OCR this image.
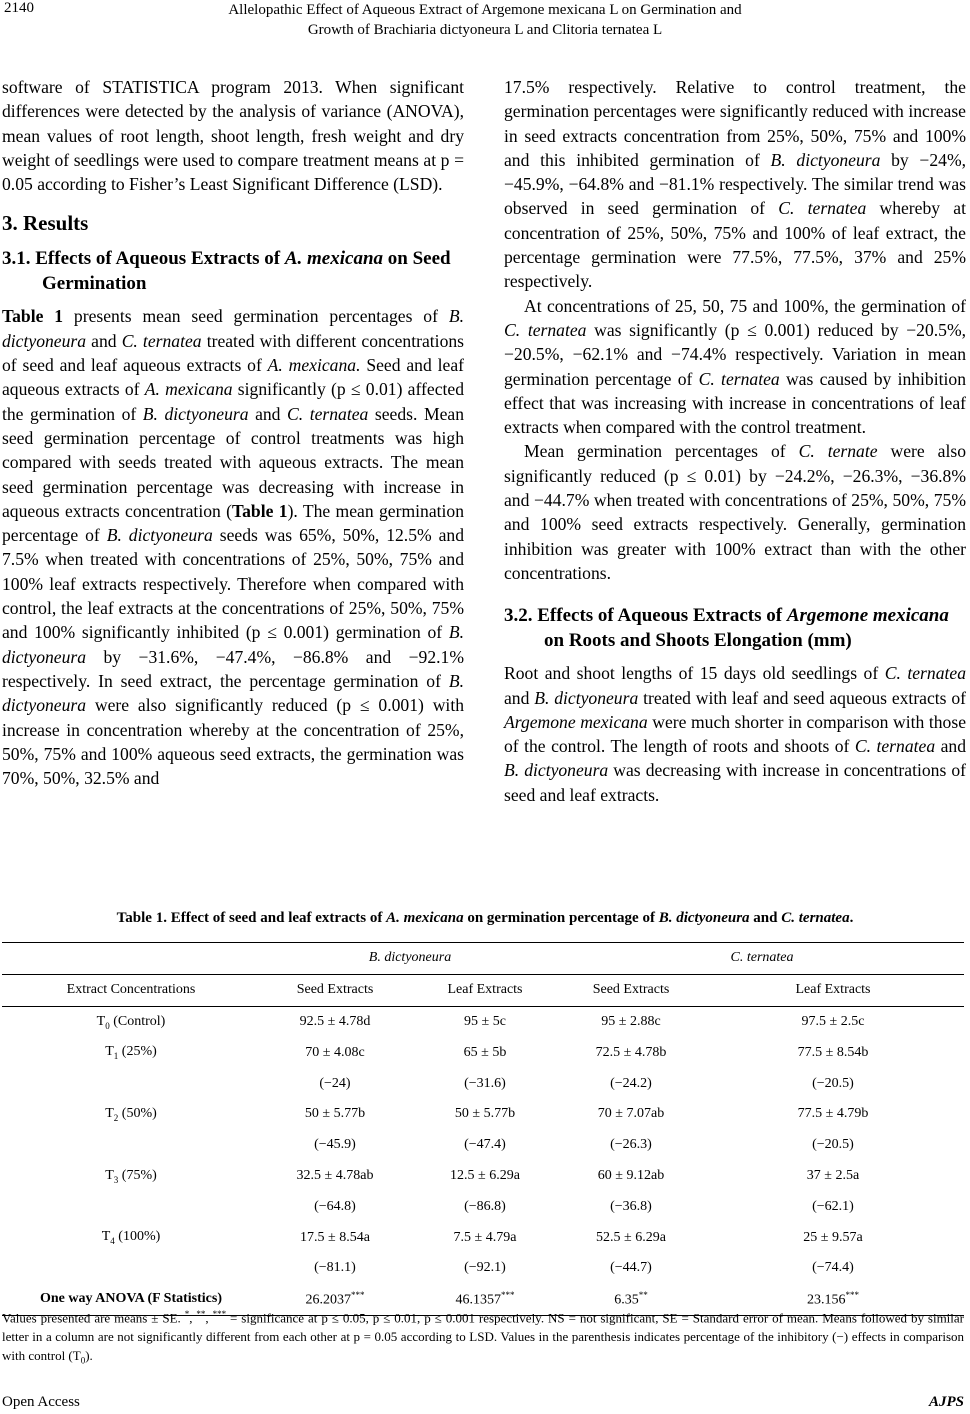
2140	Allelopathic Effect of Aqueous Extract of Argemone mexicana L on Germination and
Growth of Brachiaria dictyoneura L and Clitoria ternatea L

software of STATISTICA program 2013. When significant differences were detected by the analysis of variance (ANOVA), mean values of root length, shoot length, fresh weight and dry weight of seedlings were used to compare treatment means at p = 0.05 according to Fisher’s Least Significant Difference (LSD).

3. Results
3.1. Effects of Aqueous Extracts of A. mexicana on Seed Germination

Table 1 presents mean seed germination percentages of B. dictyoneura and C. ternatea treated with different concentrations of seed and leaf aqueous extracts of A. mexicana. Seed and leaf aqueous extracts of A. mexicana significantly (p ≤ 0.01) affected the germination of B. dictyoneura and C. ternatea seeds. Mean seed germination percentage of control treatments was high compared with seeds treated with aqueous extracts. The mean seed germination percentage was decreasing with increase in aqueous extracts concentration (Table 1). The mean germination percentage of B. dictyoneura seeds was 65%, 50%, 12.5% and 7.5% when treated with concentrations of 25%, 50%, 75% and 100% leaf extracts respectively. Therefore when compared with control, the leaf extracts at the concentrations of 25%, 50%, 75% and 100% significantly inhibited (p ≤ 0.001) germination of B. dictyoneura by −31.6%, −47.4%, −86.8% and −92.1% respectively. In seed extract, the percentage germination of B. dictyoneura were also significantly reduced (p ≤ 0.001) with increase in concentration whereby at the concentration of 25%, 50%, 75% and 100% aqueous seed extracts, the germination was 70%, 50%, 32.5% and

17.5% respectively. Relative to control treatment, the germination percentages were significantly reduced with increase in seed extracts concentration from 25%, 50%, 75% and 100% and this inhibited germination of B. dictyoneura by −24%, −45.9%, −64.8% and −81.1% respectively. The similar trend was observed in seed germination of C. ternatea whereby at concentration of 25%, 50%, 75% and 100% of leaf extract, the percentage germination were 77.5%, 77.5%, 37% and 25% respectively.

At concentrations of 25, 50, 75 and 100%, the germination of C. ternatea was significantly (p ≤ 0.001) reduced by −20.5%, −20.5%, −62.1% and −74.4% respectively. Variation in mean germination percentage of C. ternatea was caused by inhibition effect that was increasing with increase in concentrations of leaf extracts when compared with the control treatment.

Mean germination percentages of C. ternate were also significantly reduced (p ≤ 0.01) by −24.2%, −26.3%, −36.8% and −44.7% when treated with concentrations of 25%, 50%, 75% and 100% seed extracts respectively. Generally, germination inhibition was greater with 100% extract than with the other concentrations.

3.2. Effects of Aqueous Extracts of Argemone mexicana on Roots and Shoots Elongation (mm)

Root and shoot lengths of 15 days old seedlings of C. ternatea and B. dictyoneura treated with leaf and seed aqueous extracts of Argemone mexicana were much shorter in comparison with those of the control. The length of roots and shoots of C. ternatea and B. dictyoneura was decreasing with increase in concentrations of seed and leaf extracts.

Table 1. Effect of seed and leaf extracts of A. mexicana on germination percentage of B. dictyoneura and C. ternatea.
	B. dictyoneura		C. ternatea	
Extract Concentrations	Seed Extracts	Leaf Extracts	Seed Extracts	Leaf Extracts
$T_0$ (Control)	92.5 ± 4.78d	95 ± 5c	95 ± 2.88c	97.5 ± 2.5c
$T_1$ (25%)	70 ± 4.08c	65 ± 5b	72.5 ± 4.78b	77.5 ± 8.54b
	(−24)	(−31.6)	(−24.2)	(−20.5)
$T_2$ (50%)	50 ± 5.77b	50 ± 5.77b	70 ± 7.07ab	77.5 ± 4.79b
	(−45.9)	(−47.4)	(−26.3)	(−20.5)
$T_3$ (75%)	32.5 ± 4.78ab	12.5 ± 6.29a	60 ± 9.12ab	37 ± 2.5a
	(−64.8)	(−86.8)	(−36.8)	(−62.1)
$T_4$ (100%)	17.5 ± 8.54a	7.5 ± 4.79a	52.5 ± 6.29a	25 ± 9.57a
	(−81.1)	(−92.1)	(−44.7)	(−74.4)
One way ANOVA (F Statistics)	26.2037***	46.1357***	6.35**	23.156***
Values presented are means ± SE. *, **, *** = significance at p ≤ 0.05, p ≤ 0.01, p ≤ 0.001 respectively. NS = not significant, SE = Standard error of mean. Means followed by similar letter in a column are not significantly different from each other at p = 0.05 according to LSD. Values in the parenthesis indicates percentage of the inhibitory (−) effects in comparison with control $(T_0)$.
Open Access	AJPS
